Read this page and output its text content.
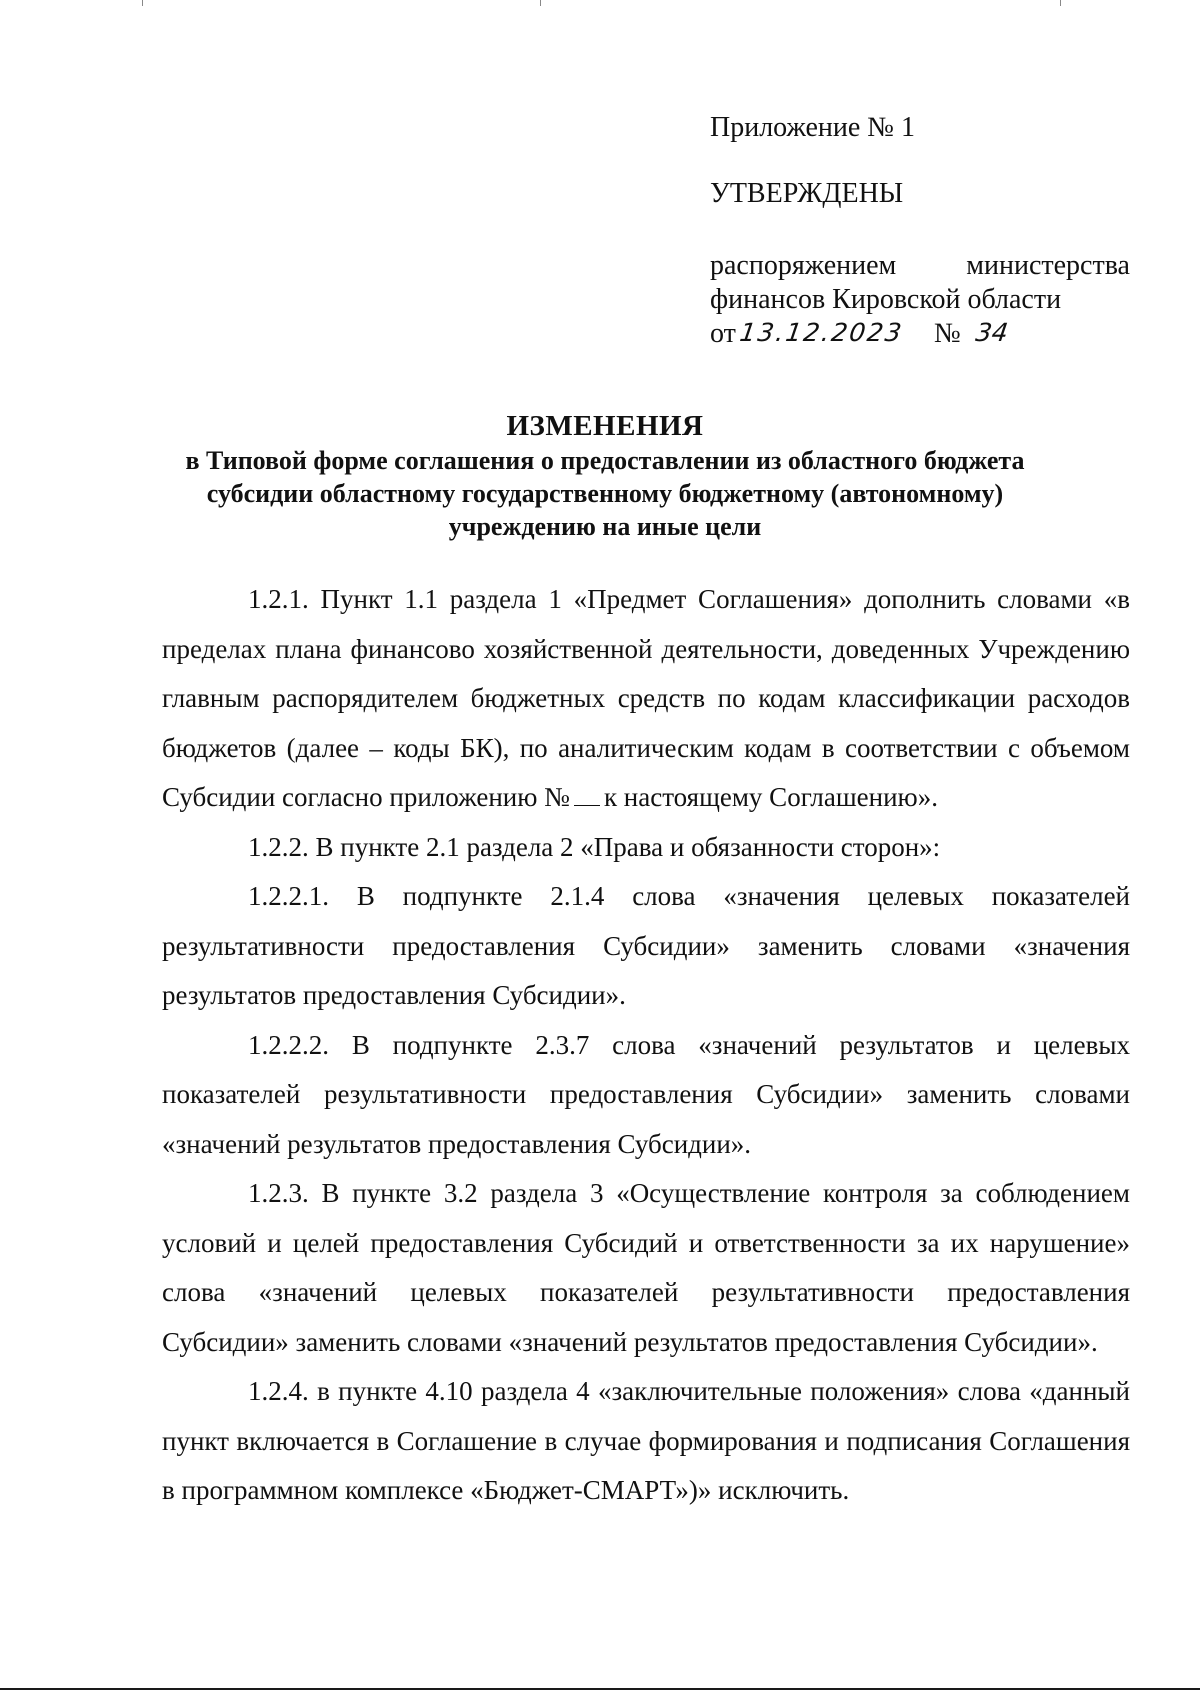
Приложение № 1
УТВЕРЖДЕНЫ
распоряжением	министерства
финансов Кировской области
от 13.12.2023 № 34
ИЗМЕНЕНИЯ
в Типовой форме соглашения о предоставлении из областного бюджета
субсидии областному государственному бюджетному (автономному)
учреждению на иные цели

1.2.1. Пункт 1.1 раздела 1 «Предмет Соглашения» дополнить словами «в пределах плана финансово хозяйственной деятельности, доведенных Учреждению главным распорядителем бюджетных средств по кодам классификации расходов бюджетов (далее – коды БК), по аналитическим кодам в соответствии с объемом Субсидии согласно приложению № к настоящему Соглашению».

1.2.2. В пункте 2.1 раздела 2 «Права и обязанности сторон»:

1.2.2.1. В подпункте 2.1.4 слова «значения целевых показателей результативности предоставления Субсидии» заменить словами «значения результатов предоставления Субсидии».

1.2.2.2. В подпункте 2.3.7 слова «значений результатов и целевых показателей результативности предоставления Субсидии» заменить словами «значений результатов предоставления Субсидии».

1.2.3. В пункте 3.2 раздела 3 «Осуществление контроля за соблюдением условий и целей предоставления Субсидий и ответственности за их нарушение» слова «значений целевых показателей результативности предоставления Субсидии» заменить словами «значений результатов предоставления Субсидии».

1.2.4. в пункте 4.10 раздела 4 «заключительные положения» слова «данный пункт включается в Соглашение в случае формирования и подписания Соглашения в программном комплексе «Бюджет-СМАРТ»)» исключить.
